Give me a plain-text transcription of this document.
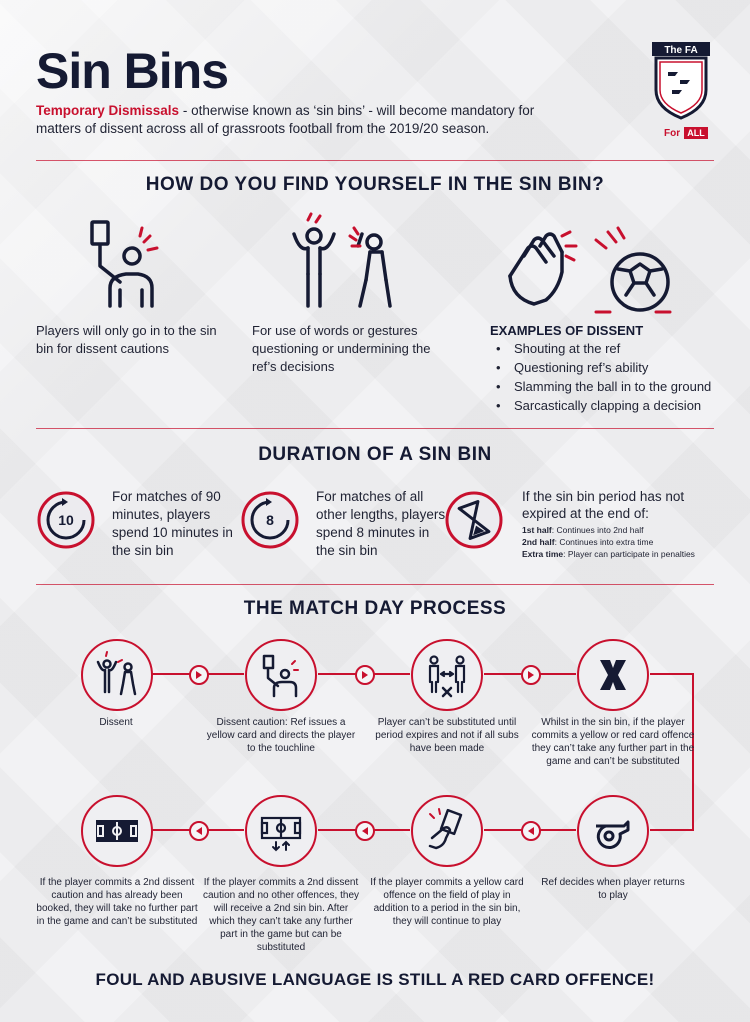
Sin Bins
Temporary Dismissals - otherwise known as ‘sin bins’ - will become mandatory for matters of dissent across all of grassroots football from the 2019/20 season.
The FA
For ALL
HOW DO YOU FIND YOURSELF IN THE SIN BIN?
Players will only go in to the sin bin for dissent cautions
For use of words or gestures questioning or undermining the ref’s decisions
EXAMPLES OF DISSENT
• Shouting at the ref
• Questioning ref’s ability
• Slamming the ball in to the ground
• Sarcastically clapping a decision
DURATION OF A SIN BIN
10
For matches of 90 minutes, players spend 10 minutes in the sin bin
8
For matches of all other lengths, players spend 8 minutes in the sin bin
If the sin bin period has not expired at the end of:
1st half: Continues into 2nd half
2nd half: Continues into extra time
Extra time: Player can participate in penalties
THE MATCH DAY PROCESS
Dissent	Dissent caution: Ref issues a yellow card and directs the player to the touchline
Player can’t be substituted until period expires and not if all subs have been made
Whilst in the sin bin, if the player commits a yellow or red card offence they can’t take any further part in the game and can’t be substituted
Ref decides when player returns to play
If the player commits a yellow card offence on the field of play in addition to a period in the sin bin, they will continue to play
If the player commits a 2nd dissent caution and no other offences, they will receive a 2nd sin bin. After which they can’t take any further part in the game but can be substituted
If the player commits a 2nd dissent caution and has already been booked, they will take no further part in the game and can’t be substituted
FOUL AND ABUSIVE LANGUAGE IS STILL A RED CARD OFFENCE!
